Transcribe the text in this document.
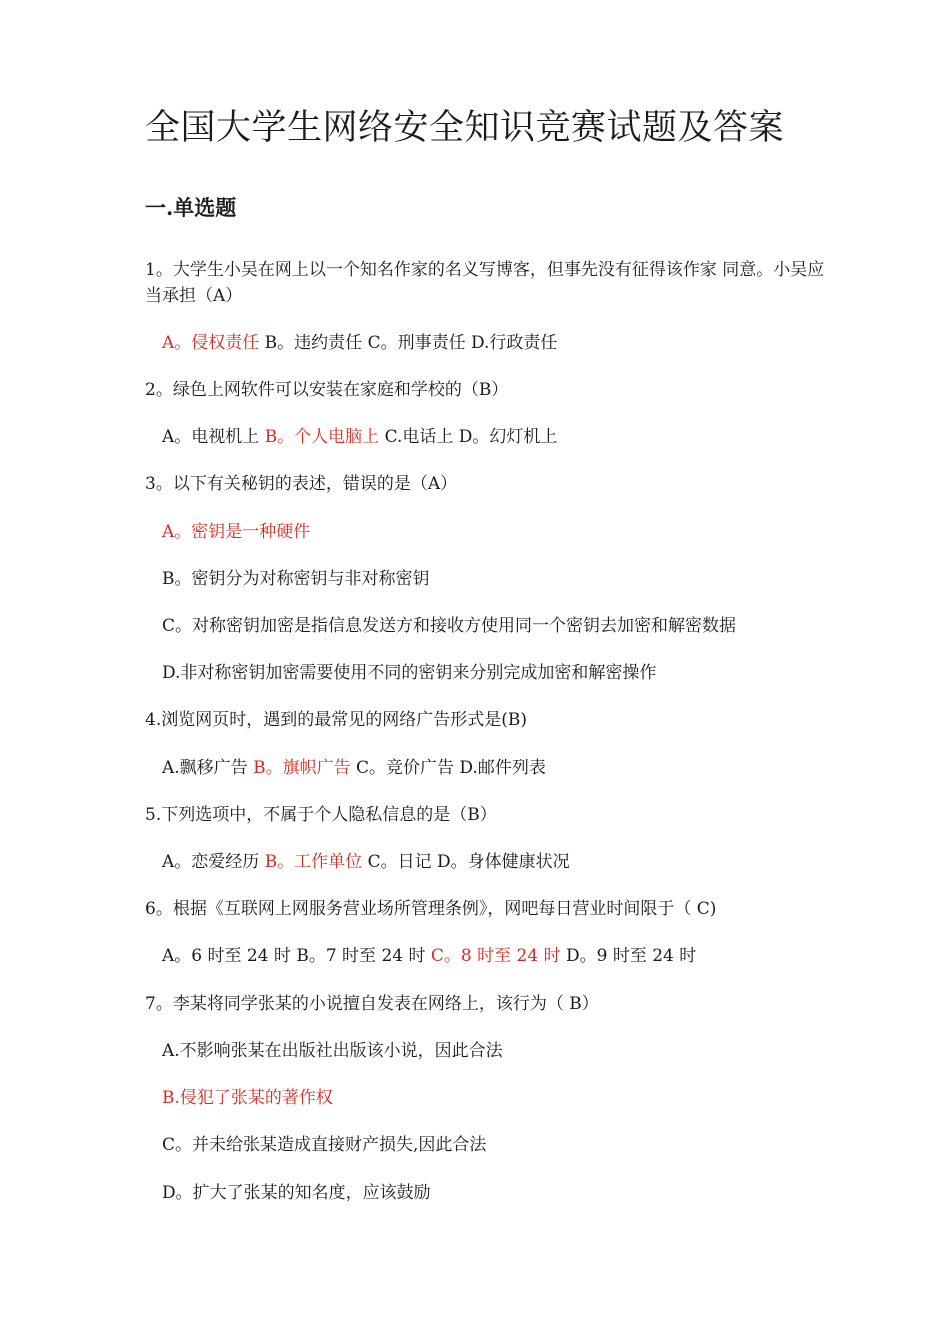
全国大学生网络安全知识竞赛试题及答案
一.单选题

1。大学生小吴在网上以一个知名作家的名义写博客，但事先没有征得该作家 同意。小吴应当承担（A）

A。侵权责任 B。违约责任 C。刑事责任 D.行政责任

2。绿色上网软件可以安装在家庭和学校的（B）

A。电视机上 B。个人电脑上 C.电话上 D。幻灯机上

3。以下有关秘钥的表述，错误的是（A）

A。密钥是一种硬件

B。密钥分为对称密钥与非对称密钥

C。对称密钥加密是指信息发送方和接收方使用同一个密钥去加密和解密数据

D.非对称密钥加密需要使用不同的密钥来分别完成加密和解密操作

4.浏览网页时，遇到的最常见的网络广告形式是(B)

A.飘移广告 B。旗帜广告 C。竞价广告 D.邮件列表

5.下列选项中，不属于个人隐私信息的是（B）

A。恋爱经历 B。工作单位 C。日记 D。身体健康状况

6。根据《互联网上网服务营业场所管理条例》，网吧每日营业时间限于（ C)

A。6 时至 24 时 B。7 时至 24 时 C。8 时至 24 时 D。9 时至 24 时

7。李某将同学张某的小说擅自发表在网络上，该行为（ B）

A.不影响张某在出版社出版该小说，因此合法

B.侵犯了张某的著作权

C。并未给张某造成直接财产损失,因此合法

D。扩大了张某的知名度，应该鼓励
